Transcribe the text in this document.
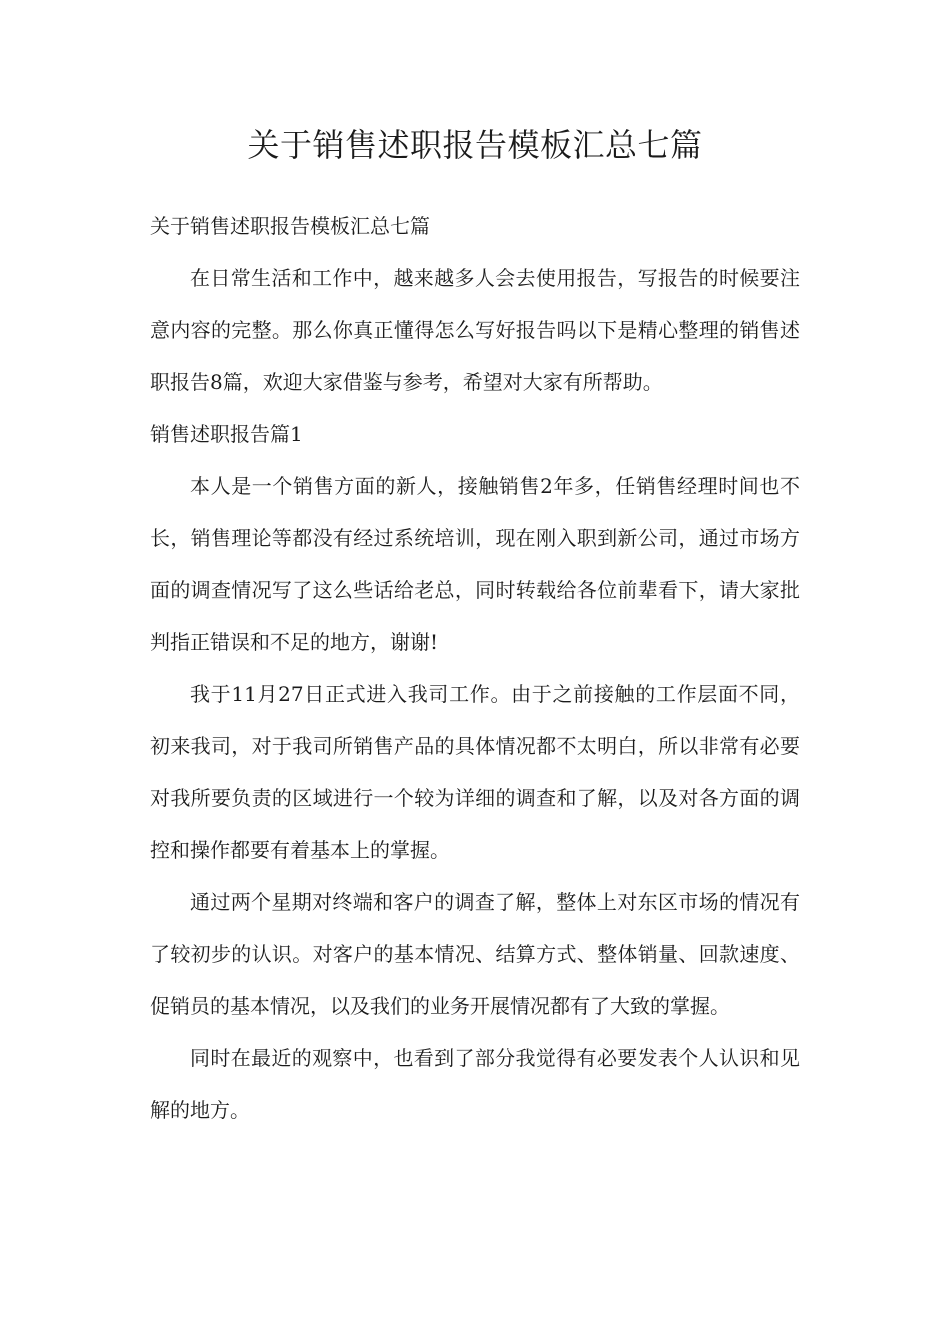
关于销售述职报告模板汇总七篇

关于销售述职报告模板汇总七篇

在日常生活和工作中，越来越多人会去使用报告，写报告的时候要注意内容的完整。那么你真正懂得怎么写好报告吗以下是精心整理的销售述职报告8篇，欢迎大家借鉴与参考，希望对大家有所帮助。

销售述职报告篇1

本人是一个销售方面的新人，接触销售2年多，任销售经理时间也不长，销售理论等都没有经过系统培训，现在刚入职到新公司，通过市场方面的调查情况写了这么些话给老总，同时转载给各位前辈看下，请大家批判指正错误和不足的地方，谢谢!

我于11月27日正式进入我司工作。由于之前接触的工作层面不同，初来我司，对于我司所销售产品的具体情况都不太明白，所以非常有必要对我所要负责的区域进行一个较为详细的调查和了解，以及对各方面的调控和操作都要有着基本上的掌握。

通过两个星期对终端和客户的调查了解，整体上对东区市场的情况有了较初步的认识。对客户的基本情况、结算方式、整体销量、回款速度、促销员的基本情况，以及我们的业务开展情况都有了大致的掌握。

同时在最近的观察中，也看到了部分我觉得有必要发表个人认识和见解的地方。
